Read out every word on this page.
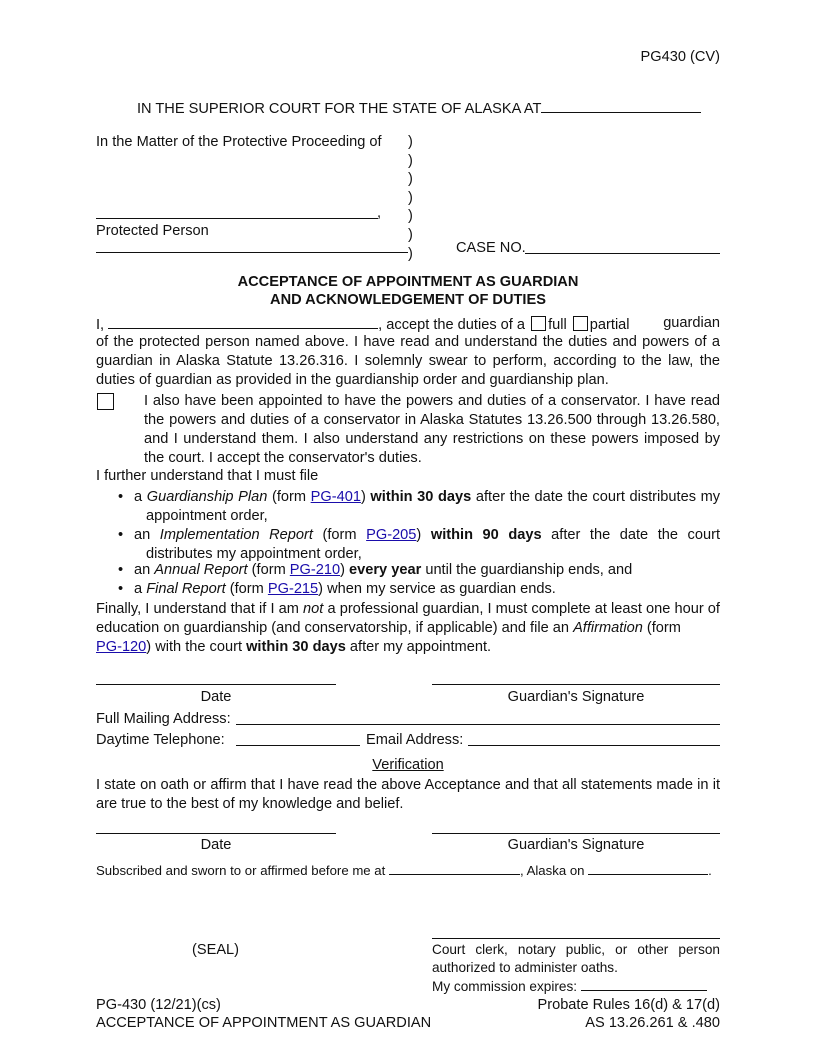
PG430 (CV)
IN THE SUPERIOR COURT FOR THE STATE OF ALASKA AT
In the Matter of the Protective Proceeding of )
)
)
)
)
)
)
,
Protected Person
CASE NO.
ACCEPTANCE OF APPOINTMENT AS GUARDIAN
AND ACKNOWLEDGEMENT OF DUTIES
I,	, accept the duties of a full partial guardian
of the protected person named above. I have read and understand the duties and powers of a guardian in Alaska Statute 13.26.316. I solemnly swear to perform, according to the law, the duties of guardian as provided in the guardianship order and guardianship plan.
I also have been appointed to have the powers and duties of a conservator. I have read the powers and duties of a conservator in Alaska Statutes 13.26.500 through 13.26.580, and I understand them. I also understand any restrictions on these powers imposed by the court. I accept the conservator's duties.
I further understand that I must file
• a Guardianship Plan (form PG-401) within 30 days after the date the court distributes my appointment order,
• an Implementation Report (form PG-205) within 90 days after the date the court distributes my appointment order,
• an Annual Report (form PG-210) every year until the guardianship ends, and
• a Final Report (form PG-215) when my service as guardian ends.
Finally, I understand that if I am not a professional guardian, I must complete at least one hour of education on guardianship (and conservatorship, if applicable) and file an Affirmation (form
PG-120) with the court within 30 days after my appointment.
Date	Guardian's Signature
Full Mailing Address:
Daytime Telephone:	Email Address:
Verification
I state on oath or affirm that I have read the above Acceptance and that all statements made in it are true to the best of my knowledge and belief.
Date	Guardian's Signature
Subscribed and sworn to or affirmed before me at	, Alaska on	.
(SEAL)	Court clerk, notary public, or other person authorized to administer oaths.
My commission expires:
PG-430 (12/21)(cs)
ACCEPTANCE OF APPOINTMENT AS GUARDIAN
Probate Rules 16(d) & 17(d)
AS 13.26.261 & .480
